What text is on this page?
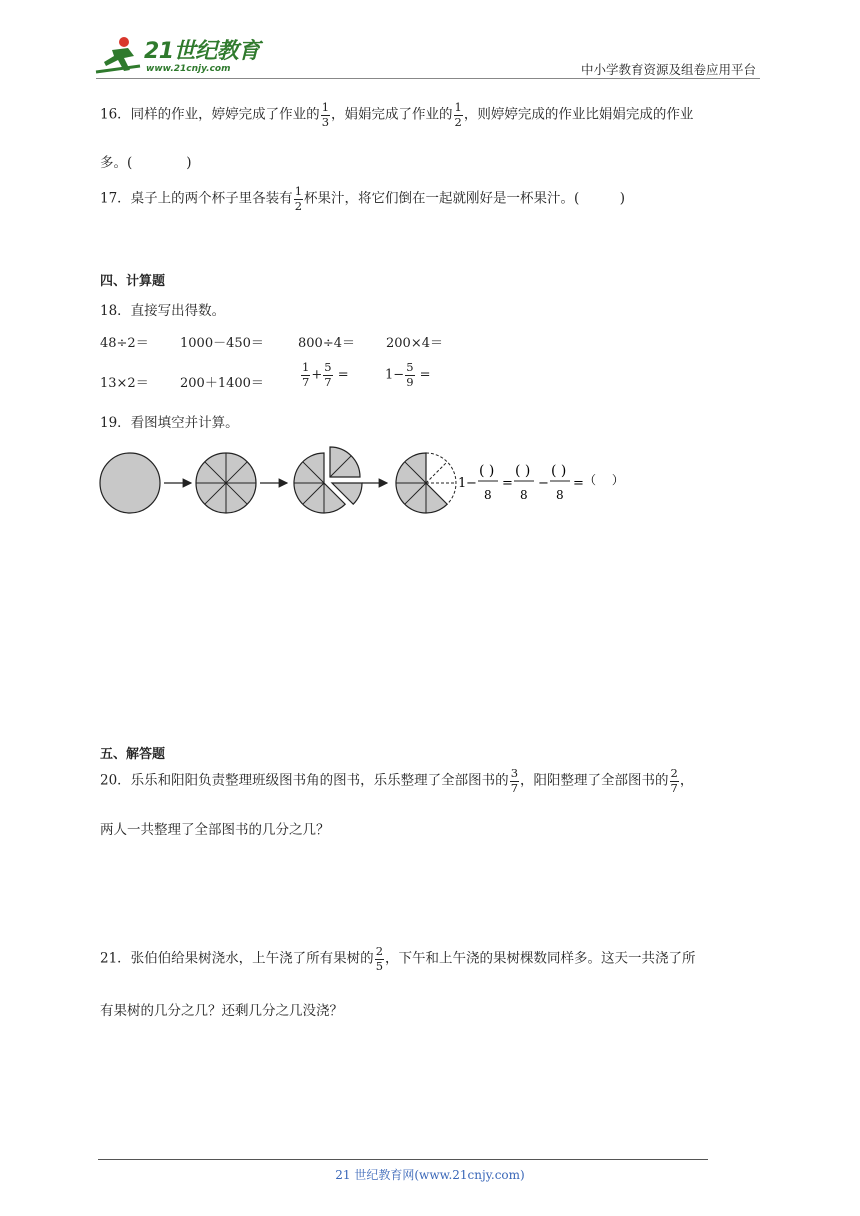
21世纪教育
www.21cnjy.com	中小学教育资源及组卷应用平台
16．同样的作业，婷婷完成了作业的 $\frac{1}{3}$ ，娟娟完成了作业的 $\frac{1}{2}$ ，则婷婷完成的作业比娟娟完成的作业
多。(　　　　)
17．桌子上的两个杯子里各装有 $\frac{1}{2}$ 杯果汁，将它们倒在一起就刚好是一杯果汁。(　　　)
四、计算题
18．直接写出得数。
48÷2＝ 1000－450＝	800÷4＝ 200×4＝
13×2＝ 200＋1400＝	$\frac{1}{7} + \frac{5}{7}$ =	$1- \frac{5}{9}$ =
19．看图填空并计算。
1 −
( )
8
=
( )
8
−
( )
8
= （　 ）
五、解答题
20．乐乐和阳阳负责整理班级图书角的图书，乐乐整理了全部图书的 $\frac{3}{7}$ ，阳阳整理了全部图书的 $\frac{2}{7}$ ，
两人一共整理了全部图书的几分之几？
21．张伯伯给果树浇水，上午浇了所有果树的 $\frac{2}{5}$ ，下午和上午浇的果树棵数同样多。这天一共浇了所
有果树的几分之几？还剩几分之几没浇？
21 世纪教育网(www.21cnjy.com)
